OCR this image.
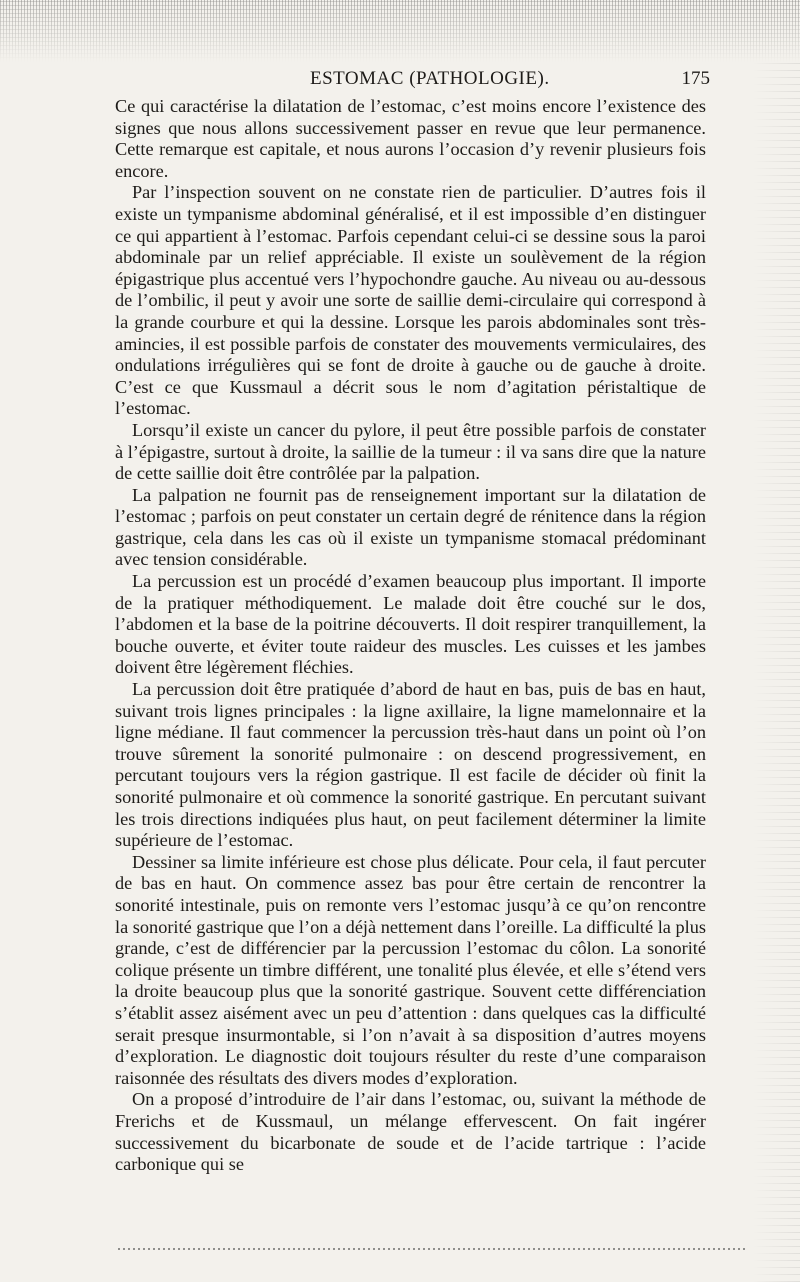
ESTOMAC (PATHOLOGIE).	175

Ce qui caractérise la dilatation de l’estomac, c’est moins encore l’existence des signes que nous allons successivement passer en revue que leur permanence. Cette remarque est capitale, et nous aurons l’occasion d’y revenir plusieurs fois encore.

Par l’inspection souvent on ne constate rien de particulier. D’autres fois il existe un tympanisme abdominal généralisé, et il est impossible d’en distinguer ce qui appartient à l’estomac. Parfois cependant celui-ci se dessine sous la paroi abdominale par un relief appréciable. Il existe un soulèvement de la région épigastrique plus accentué vers l’hypochondre gauche. Au niveau ou au-dessous de l’ombilic, il peut y avoir une sorte de saillie demi-circulaire qui correspond à la grande courbure et qui la dessine. Lorsque les parois abdominales sont très-amincies, il est possible parfois de constater des mouvements vermiculaires, des ondulations irrégulières qui se font de droite à gauche ou de gauche à droite. C’est ce que Kussmaul a décrit sous le nom d’agitation péristaltique de l’estomac.

Lorsqu’il existe un cancer du pylore, il peut être possible parfois de constater à l’épigastre, surtout à droite, la saillie de la tumeur : il va sans dire que la nature de cette saillie doit être contrôlée par la palpation.

La palpation ne fournit pas de renseignement important sur la dilatation de l’estomac ; parfois on peut constater un certain degré de rénitence dans la région gastrique, cela dans les cas où il existe un tympanisme stomacal prédominant avec tension considérable.

La percussion est un procédé d’examen beaucoup plus important. Il importe de la pratiquer méthodiquement. Le malade doit être couché sur le dos, l’abdomen et la base de la poitrine découverts. Il doit respirer tranquillement, la bouche ouverte, et éviter toute raideur des muscles. Les cuisses et les jambes doivent être légèrement fléchies.

La percussion doit être pratiquée d’abord de haut en bas, puis de bas en haut, suivant trois lignes principales : la ligne axillaire, la ligne mamelonnaire et la ligne médiane. Il faut commencer la percussion très-haut dans un point où l’on trouve sûrement la sonorité pulmonaire : on descend progressivement, en percutant toujours vers la région gastrique. Il est facile de décider où finit la sonorité pulmonaire et où commence la sonorité gastrique. En percutant suivant les trois directions indiquées plus haut, on peut facilement déterminer la limite supérieure de l’estomac.

Dessiner sa limite inférieure est chose plus délicate. Pour cela, il faut percuter de bas en haut. On commence assez bas pour être certain de rencontrer la sonorité intestinale, puis on remonte vers l’estomac jusqu’à ce qu’on rencontre la sonorité gastrique que l’on a déjà nettement dans l’oreille. La difficulté la plus grande, c’est de différencier par la percussion l’estomac du côlon. La sonorité colique présente un timbre différent, une tonalité plus élevée, et elle s’étend vers la droite beaucoup plus que la sonorité gastrique. Souvent cette différenciation s’établit assez aisément avec un peu d’attention : dans quelques cas la difficulté serait presque insurmontable, si l’on n’avait à sa disposition d’autres moyens d’exploration. Le diagnostic doit toujours résulter du reste d’une comparaison raisonnée des résultats des divers modes d’exploration.

On a proposé d’introduire de l’air dans l’estomac, ou, suivant la méthode de Frerichs et de Kussmaul, un mélange effervescent. On fait ingérer successivement du bicarbonate de soude et de l’acide tartrique : l’acide carbonique qui se
